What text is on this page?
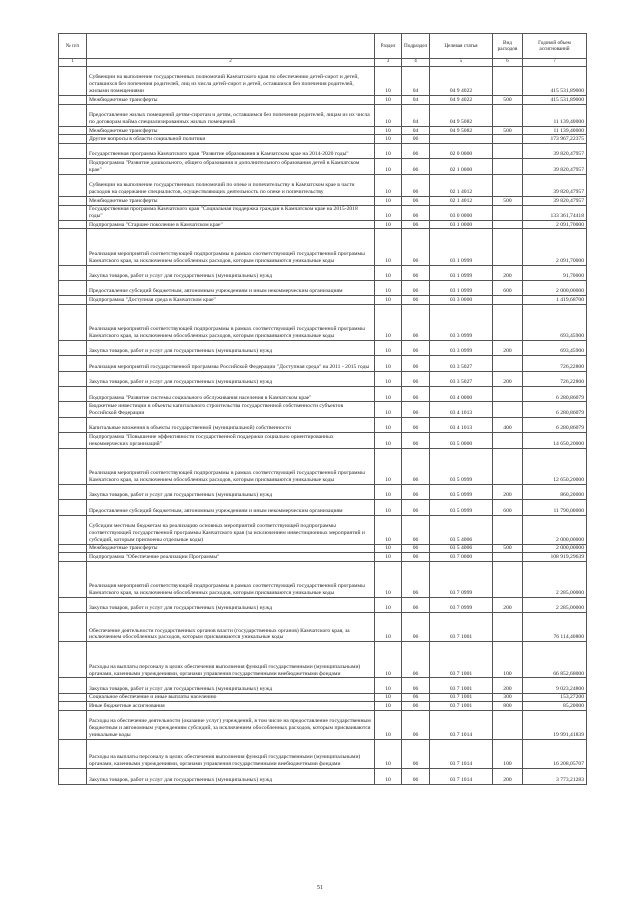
№ п/п		Раздел	Подраздел	Целевая статья	Вид расходов	Годовой объем ассигнований
1	2	3	4	5	6	7
	Субвенции на выполнение государственных полномочий Камчатского края по обеспечению детей-сирот и детей, оставшихся без попечения родителей, лиц из числа детей-сирот и детей, оставшихся без попечения родителей, жилыми помещениями	10	04	04 9 4022		415 531,89000
	Межбюджетные трансферты	10	04	04 9 4022	500	415 531,89000
	Предоставление жилых помещений детям-сиротам и детям, оставшимся без попечения родителей, лицам из их числа по договорам найма специализированных жилых помещений	10	04	04 9 5082		11 139,40000
	Межбюджетные трансферты	10	04	04 9 5082	500	11 139,40000
	Другие вопросы в области социальной политики	10	06			173 967,22375
	Государственная программа Камчатского края "Развитие образования в Камчатском крае на 2014-2020 годы"	10	06	02 0 0000		39 820,47957
	Подпрограмма "Развитие дошкольного, общего образования и дополнительного образования детей в Камчатском крае"	10	06	02 1 0000		39 820,47957
	Субвенции на выполнение государственных полномочий по опеке и попечительству в Камчатском крае в части расходов на содержание специалистов, осуществляющих деятельность по опеке и попечительству	10	06	02 1 4012		39 820,47957
	Межбюджетные трансферты	10	06	02 1 4012	500	39 820,47957
	Государственная программа Камчатского края "Социальная поддержка граждан в Камчатском крае на 2015-2018 годы"	10	06	03 0 0000		133 361,74418
	Подпрограмма "Старшее поколение в Камчатском крае"	10	06	03 1 0000		2 091,70000
	Реализация мероприятий соответствующей подпрограммы в рамках соответствующей государственной программы Камчатского края, за исключением обособленных расходов, которым присваиваются уникальные коды	10	06	03 1 0999		2 091,70000
	Закупка товаров, работ и услуг для государственных (муниципальных) нужд	10	06	03 1 0999	200	91,70000
	Предоставление субсидий бюджетным, автономным учреждениям и иным некоммерческим организациям	10	06	03 1 0999	600	2 000,00000
	Подпрограмма "Доступная среда в Камчатском крае"	10	06	03 3 0000		1 419,68700
	Реализация мероприятий соответствующей подпрограммы в рамках соответствующей государственной программы Камчатского края, за исключением обособленных расходов, которым присваиваются уникальные коды	10	06	03 3 0999		693,45900
	Закупка товаров, работ и услуг для государственных (муниципальных) нужд	10	06	03 3 0999	200	693,45900
	Реализация мероприятий государственной программы Российской Федерации "Доступная среда" на 2011 - 2015 годы	10	06	03 3 5027		726,22800
	Закупка товаров, работ и услуг для государственных (муниципальных) нужд	10	06	03 3 5027	200	726,22800
	Подпрограмма "Развитие системы социального обслуживания населения в Камчатском крае"	10	06	03 4 0000		6 280,86079
	Бюджетные инвестиции в объекты капитального строительства государственной собственности субъектов Российской Федерации	10	06	03 4 1013		6 280,86079
	Капитальные вложения в объекты государственной (муниципальной) собственности	10	06	03 4 1013	400	6 280,86079
	Подпрограмма "Повышение эффективности государственной поддержки социально ориентированных некоммерческих организаций"	10	06	03 5 0000		14 650,20000
	Реализация мероприятий соответствующей подпрограммы в рамках соответствующей государственной программы Камчатского края, за исключением обособленных расходов, которым присваиваются уникальные коды	10	06	03 5 0999		12 650,20000
	Закупка товаров, работ и услуг для государственных (муниципальных) нужд	10	06	03 5 0999	200	860,20000
	Предоставление субсидий бюджетным, автономным учреждениям и иным некоммерческим организациям	10	06	03 5 0999	600	11 790,00000
	Субсидии местным бюджетам на реализацию основных мероприятий соответствующей подпрограммы соответствующей государственной программы Камчатского края (за исключением инвестиционных мероприятий и субсидий, которым присвоены отдельные коды)	10	06	03 5 4006		2 000,00000
	Межбюджетные трансферты	10	06	03 5 4006	500	2 000,00000
	Подпрограмма "Обеспечение реализации Программы"	10	06	03 7 0000		108 919,29639
	Реализация мероприятий соответствующей подпрограммы в рамках соответствующей государственной программы Камчатского края, за исключением обособленных расходов, которым присваиваются уникальные коды	10	06	03 7 0999		2 285,00000
	Закупка товаров, работ и услуг для государственных (муниципальных) нужд	10	06	03 7 0999	200	2 285,00000
	Обеспечение деятельности государственных органов власти (государственных органов) Камчатского края, за исключением обособленных расходов, которым присваиваются уникальные коды	10	06	03 7 1001		76 114,40800
	Расходы на выплаты персоналу в целях обеспечения выполнения функций государственными (муниципальными) органами, казенными учреждениями, органами управления государственными внебюджетными фондами	10	06	03 7 1001	100	66 852,68000
	Закупка товаров, работ и услуг для государственных (муниципальных) нужд	10	06	03 7 1001	200	9 023,24800
	Социальное обеспечение и иные выплаты населению	10	06	03 7 1001	300	153,27200
	Иные бюджетные ассигнования	10	06	03 7 1001	800	85,20000
	Расходы на обеспечение деятельности (оказание услуг) учреждений, в том числе на предоставление государственным бюджетным и автономным учреждениям субсидий, за исключением обособленных расходов, которым присваиваются уникальные коды	10	06	03 7 1014		19 991,41839
	Расходы на выплаты персоналу в целях обеспечения выполнения функций государственными (муниципальными) органами, казенными учреждениями, органами управления государственными внебюджетными фондами	10	06	03 7 1014	100	16 208,05707
	Закупка товаров, работ и услуг для государственных (муниципальных) нужд	10	06	03 7 1014	200	3 773,21283
51
